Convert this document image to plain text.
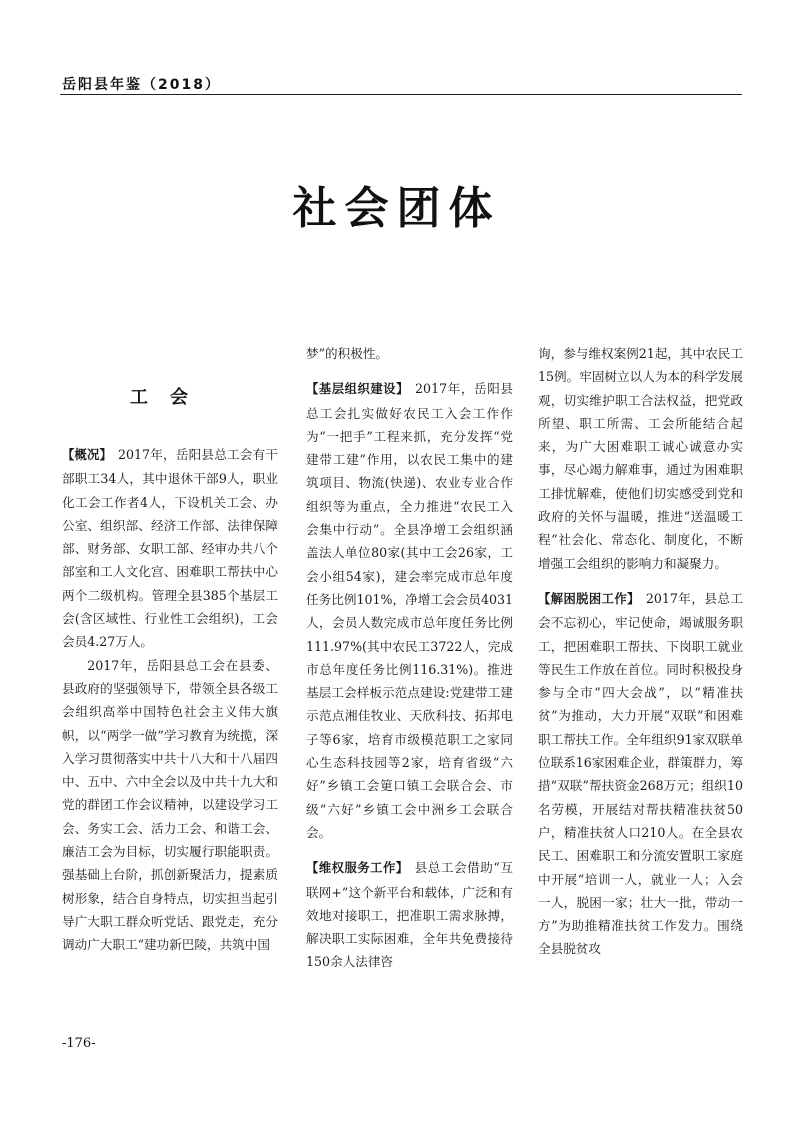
岳阳县年鉴（2018）
社会团体
工会

【概况】 2017年，岳阳县总工会有干部职工34人，其中退休干部9人，职业化工会工作者4人，下设机关工会、办公室、组织部、经济工作部、法律保障部、财务部、女职工部、经审办共八个部室和工人文化宫、困难职工帮扶中心两个二级机构。管理全县385个基层工会(含区域性、行业性工会组织)，工会会员4.27万人。

2017年，岳阳县总工会在县委、县政府的坚强领导下，带领全县各级工会组织高举中国特色社会主义伟大旗帜，以“两学一做”学习教育为统揽，深入学习贯彻落实中共十八大和十八届四中、五中、六中全会以及中共十九大和党的群团工作会议精神，以建设学习工会、务实工会、活力工会、和谐工会、廉洁工会为目标，切实履行职能职责。强基础上台阶，抓创新聚活力，提素质树形象，结合自身特点，切实担当起引导广大职工群众听党话、跟党走，充分调动广大职工“建功新巴陵，共筑中国

梦”的积极性。

【基层组织建设】 2017年，岳阳县总工会扎实做好农民工入会工作作为“一把手”工程来抓，充分发挥“党建带工建”作用，以农民工集中的建筑项目、物流(快递)、农业专业合作组织等为重点，全力推进“农民工入会集中行动”。全县净增工会组织涵盖法人单位80家(其中工会26家，工会小组54家)，建会率完成市总年度任务比例101%，净增工会会员4031人，会员人数完成市总年度任务比例111.97%(其中农民工3722人，完成市总年度任务比例116.31%)。推进基层工会样板示范点建设:党建带工建示范点湘佳牧业、天欣科技、拓邦电子等6家，培育市级模范职工之家同心生态科技园等2家，培育省级“六好”乡镇工会筻口镇工会联合会、市级“六好”乡镇工会中洲乡工会联合会。

【维权服务工作】 县总工会借助“互联网+”这个新平台和载体，广泛和有效地对接职工，把准职工需求脉搏，解决职工实际困难，全年共免费接待150余人法律咨

询，参与维权案例21起，其中农民工15例。牢固树立以人为本的科学发展观，切实维护职工合法权益，把党政所望、职工所需、工会所能结合起来，为广大困难职工诚心诚意办实事，尽心竭力解难事，通过为困难职工排忧解难，使他们切实感受到党和政府的关怀与温暖，推进“送温暖工程”社会化、常态化、制度化，不断增强工会组织的影响力和凝聚力。

【解困脱困工作】 2017年，县总工会不忘初心，牢记使命，竭诚服务职工，把困难职工帮扶、下岗职工就业等民生工作放在首位。同时积极投身参与全市“四大会战”，以“精准扶贫”为推动，大力开展“双联”和困难职工帮扶工作。全年组织91家双联单位联系16家困难企业，群策群力，筹措“双联”帮扶资金268万元；组织10名劳模，开展结对帮扶精准扶贫50户，精准扶贫人口210人。在全县农民工、困难职工和分流安置职工家庭中开展“培训一人，就业一人；入会一人，脱困一家；壮大一批，带动一方”为助推精准扶贫工作发力。围绕全县脱贫攻

-176-
